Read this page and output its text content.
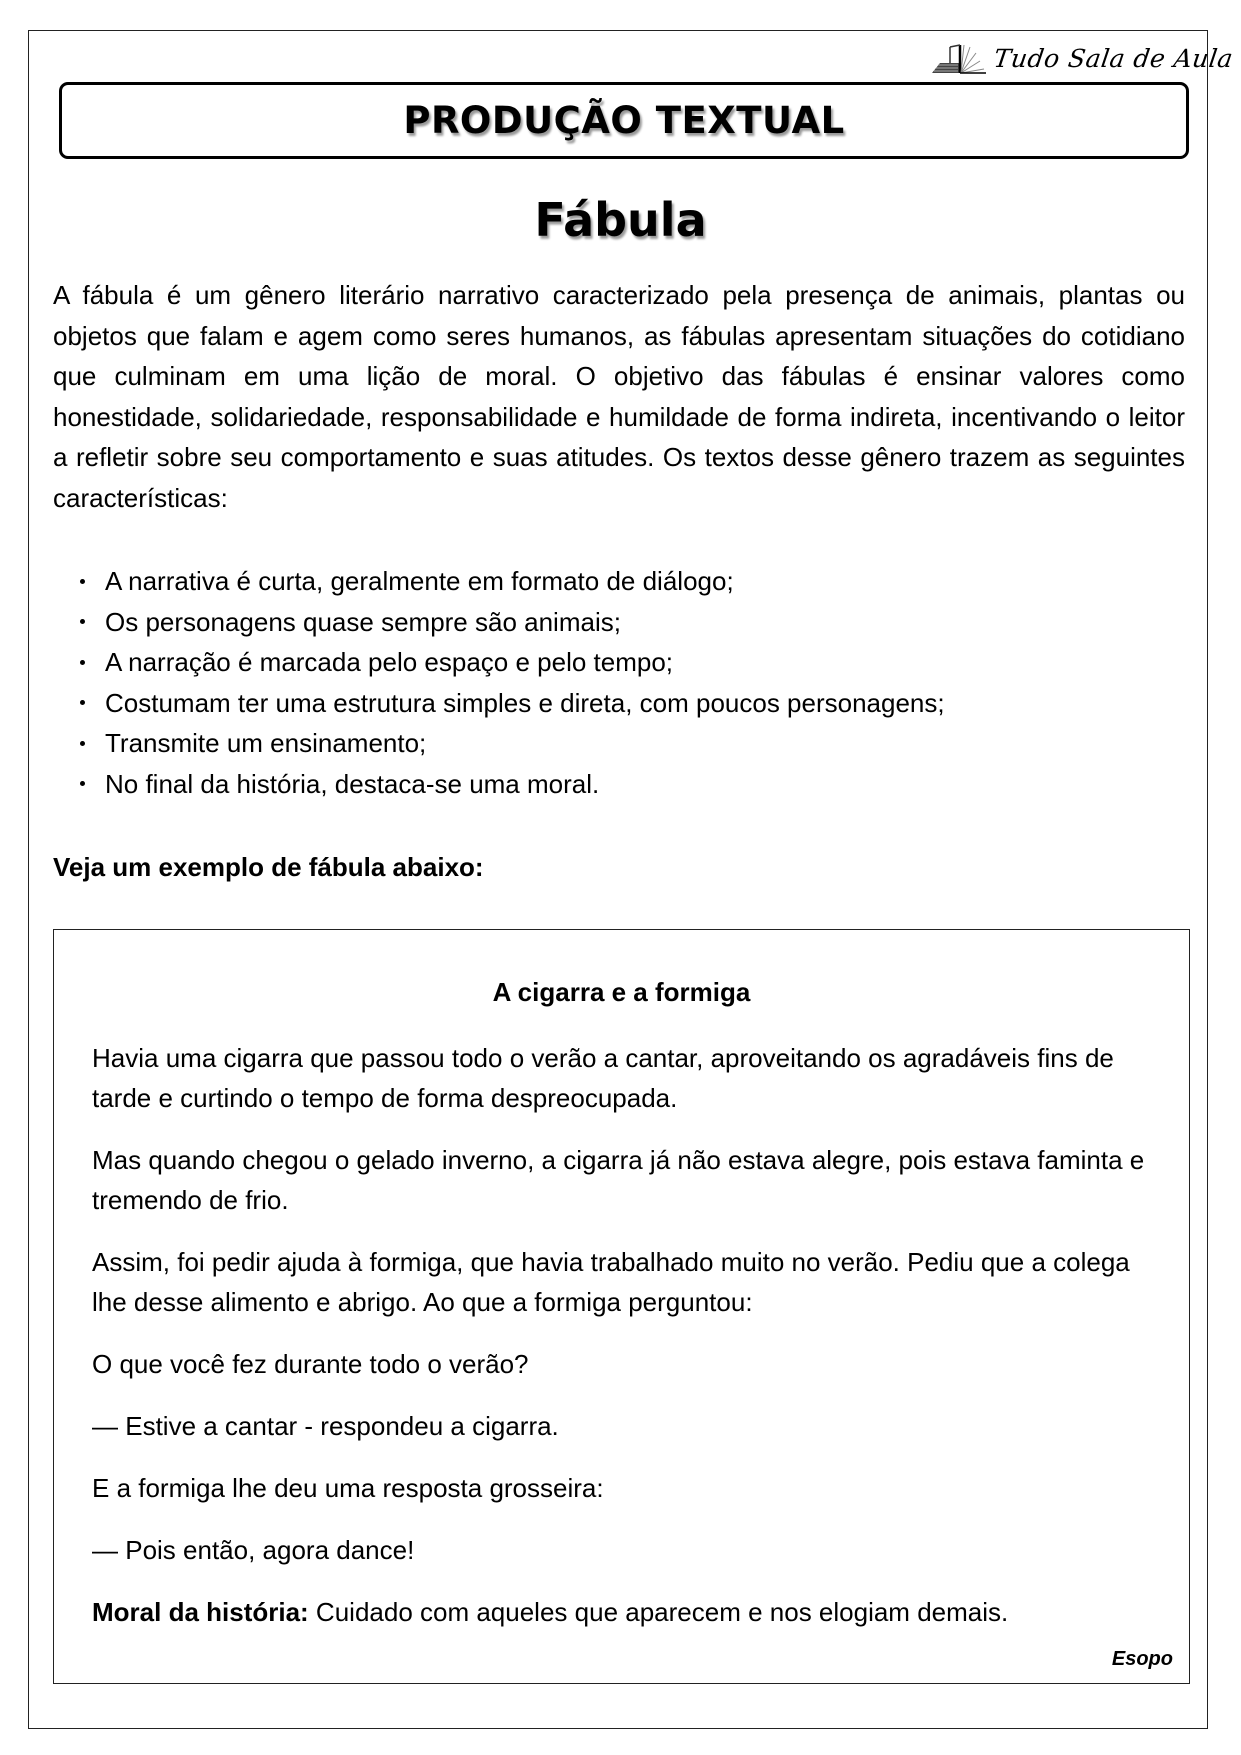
Tudo Sala de Aula
PRODUÇÃO TEXTUAL
Fábula

A fábula é um gênero literário narrativo caracterizado pela presença de animais, plantas ou objetos que falam e agem como seres humanos, as fábulas apresentam situações do cotidiano que culminam em uma lição de moral. O objetivo das fábulas é ensinar valores como honestidade, solidariedade, responsabilidade e humildade de forma indireta, incentivando o leitor a refletir sobre seu comportamento e suas atitudes. Os textos desse gênero trazem as seguintes características:

A narrativa é curta, geralmente em formato de diálogo;
Os personagens quase sempre são animais;
A narração é marcada pelo espaço e pelo tempo;
Costumam ter uma estrutura simples e direta, com poucos personagens;
Transmite um ensinamento;
No final da história, destaca-se uma moral.
Veja um exemplo de fábula abaixo:
A cigarra e a formiga

Havia uma cigarra que passou todo o verão a cantar, aproveitando os agradáveis fins de tarde e curtindo o tempo de forma despreocupada.

Mas quando chegou o gelado inverno, a cigarra já não estava alegre, pois estava faminta e tremendo de frio.

Assim, foi pedir ajuda à formiga, que havia trabalhado muito no verão. Pediu que a colega lhe desse alimento e abrigo. Ao que a formiga perguntou:

O que você fez durante todo o verão?

— Estive a cantar - respondeu a cigarra.

E a formiga lhe deu uma resposta grosseira:

— Pois então, agora dance!

Moral da história: Cuidado com aqueles que aparecem e nos elogiam demais.

Esopo
